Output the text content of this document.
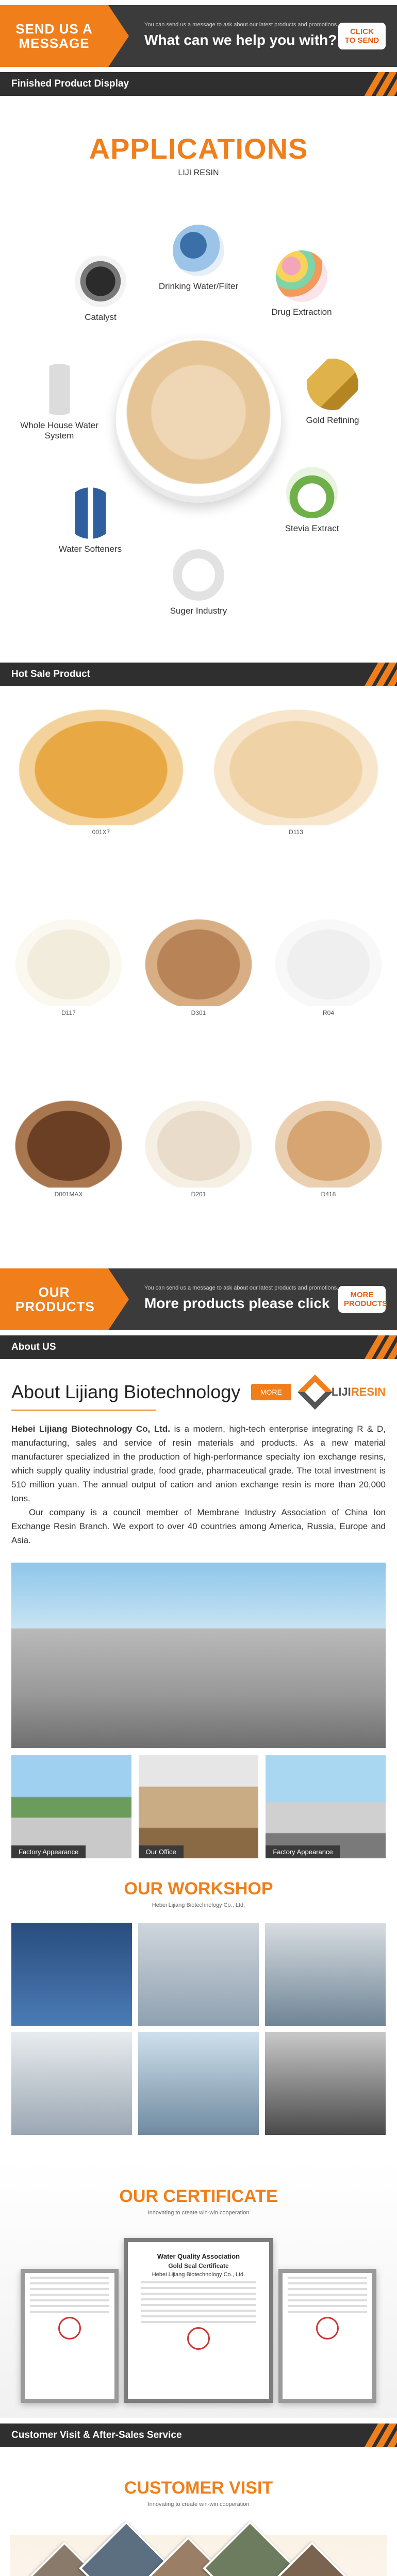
SEND US A MESSAGE
You can send us a message to ask about our latest products and promotions.
What can we help you with?
CLICK TO SEND
Finished Product Display
APPLICATIONS
LIJI RESIN
Drinking Water/Filter
Drug Extraction
Catalyst
Gold Refining
Whole House Water System
Stevia Extract
Water Softeners
Suger Industry
Hot Sale Product
001X7	D113
D117	D301	R04
D001MAX	D201	D418
OUR PRODUCTS
You can send us a message to ask about our latest products and promotions.
More products please click
MORE PRODUCTS
About US
About Lijiang Biotechnology	MORE	LIJIRESIN

Hebei Lijiang Biotechnology Co, Ltd. is a modern, high-tech enterprise integrating R & D, manufacturing, sales and service of resin materials and products. As a new material manufacturer specialized in the production of high-performance specialty ion exchange resins, which supply quality industrial grade, food grade, pharmaceutical grade. The total investment is 510 million yuan. The annual output of cation and anion exchange resin is more than 20,000 tons.

Our company is a council member of Membrane Industry Association of China Ion Exchange Resin Branch. We export to over 40 countries among America, Russia, Europe and Asia.

Factory Appearance	Our Office	Factory Appearance
OUR WORKSHOP
Hebei Lijiang Biotechnology Co., Ltd.
OUR CERTIFICATE
Innovating to create win-win cooperation
Water Quality Association
Gold Seal Certificate
Hebei Lijiang Biotechnology Co., Ltd.
Customer Visit & After-Sales Service
CUSTOMER VISIT
Innovating to create win-win cooperation
